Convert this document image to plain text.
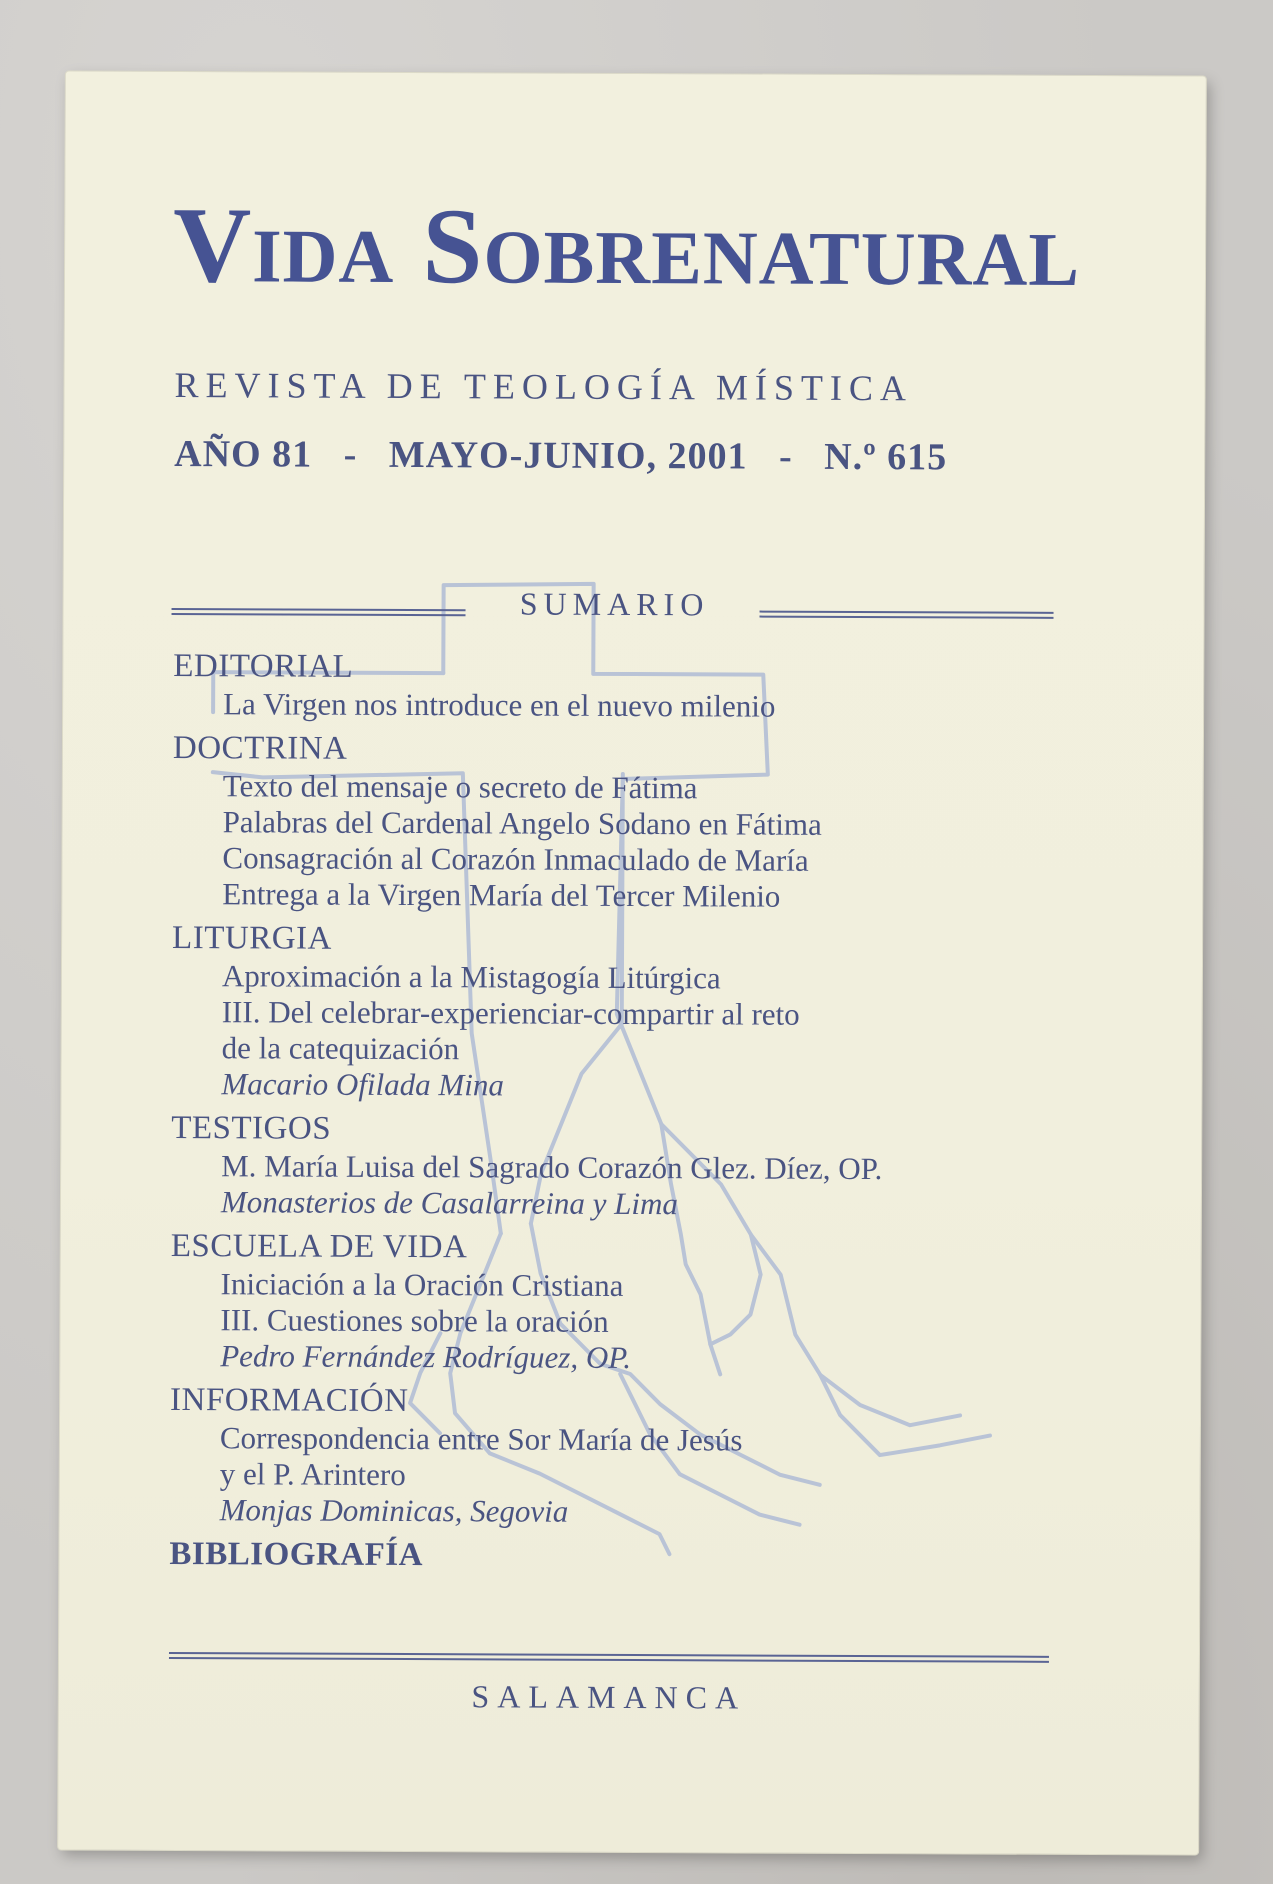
Vida Sobrenatural
REVISTA DE TEOLOGÍA MÍSTICA
AÑO 81 - MAYO-JUNIO, 2001 - N.º 615
SUMARIO
EDITORIAL
La Virgen nos introduce en el nuevo milenio
DOCTRINA
Texto del mensaje o secreto de Fátima
Palabras del Cardenal Angelo Sodano en Fátima
Consagración al Corazón Inmaculado de María
Entrega a la Virgen María del Tercer Milenio
LITURGIA
Aproximación a la Mistagogía Litúrgica
III. Del celebrar-experienciar-compartir al reto
de la catequización
Macario Ofilada Mina
TESTIGOS
M. María Luisa del Sagrado Corazón Glez. Díez, OP.
Monasterios de Casalarreina y Lima
ESCUELA DE VIDA
Iniciación a la Oración Cristiana
III. Cuestiones sobre la oración
Pedro Fernández Rodríguez, OP.
INFORMACIÓN
Correspondencia entre Sor María de Jesús
y el P. Arintero
Monjas Dominicas, Segovia
BIBLIOGRAFÍA
SALAMANCA
